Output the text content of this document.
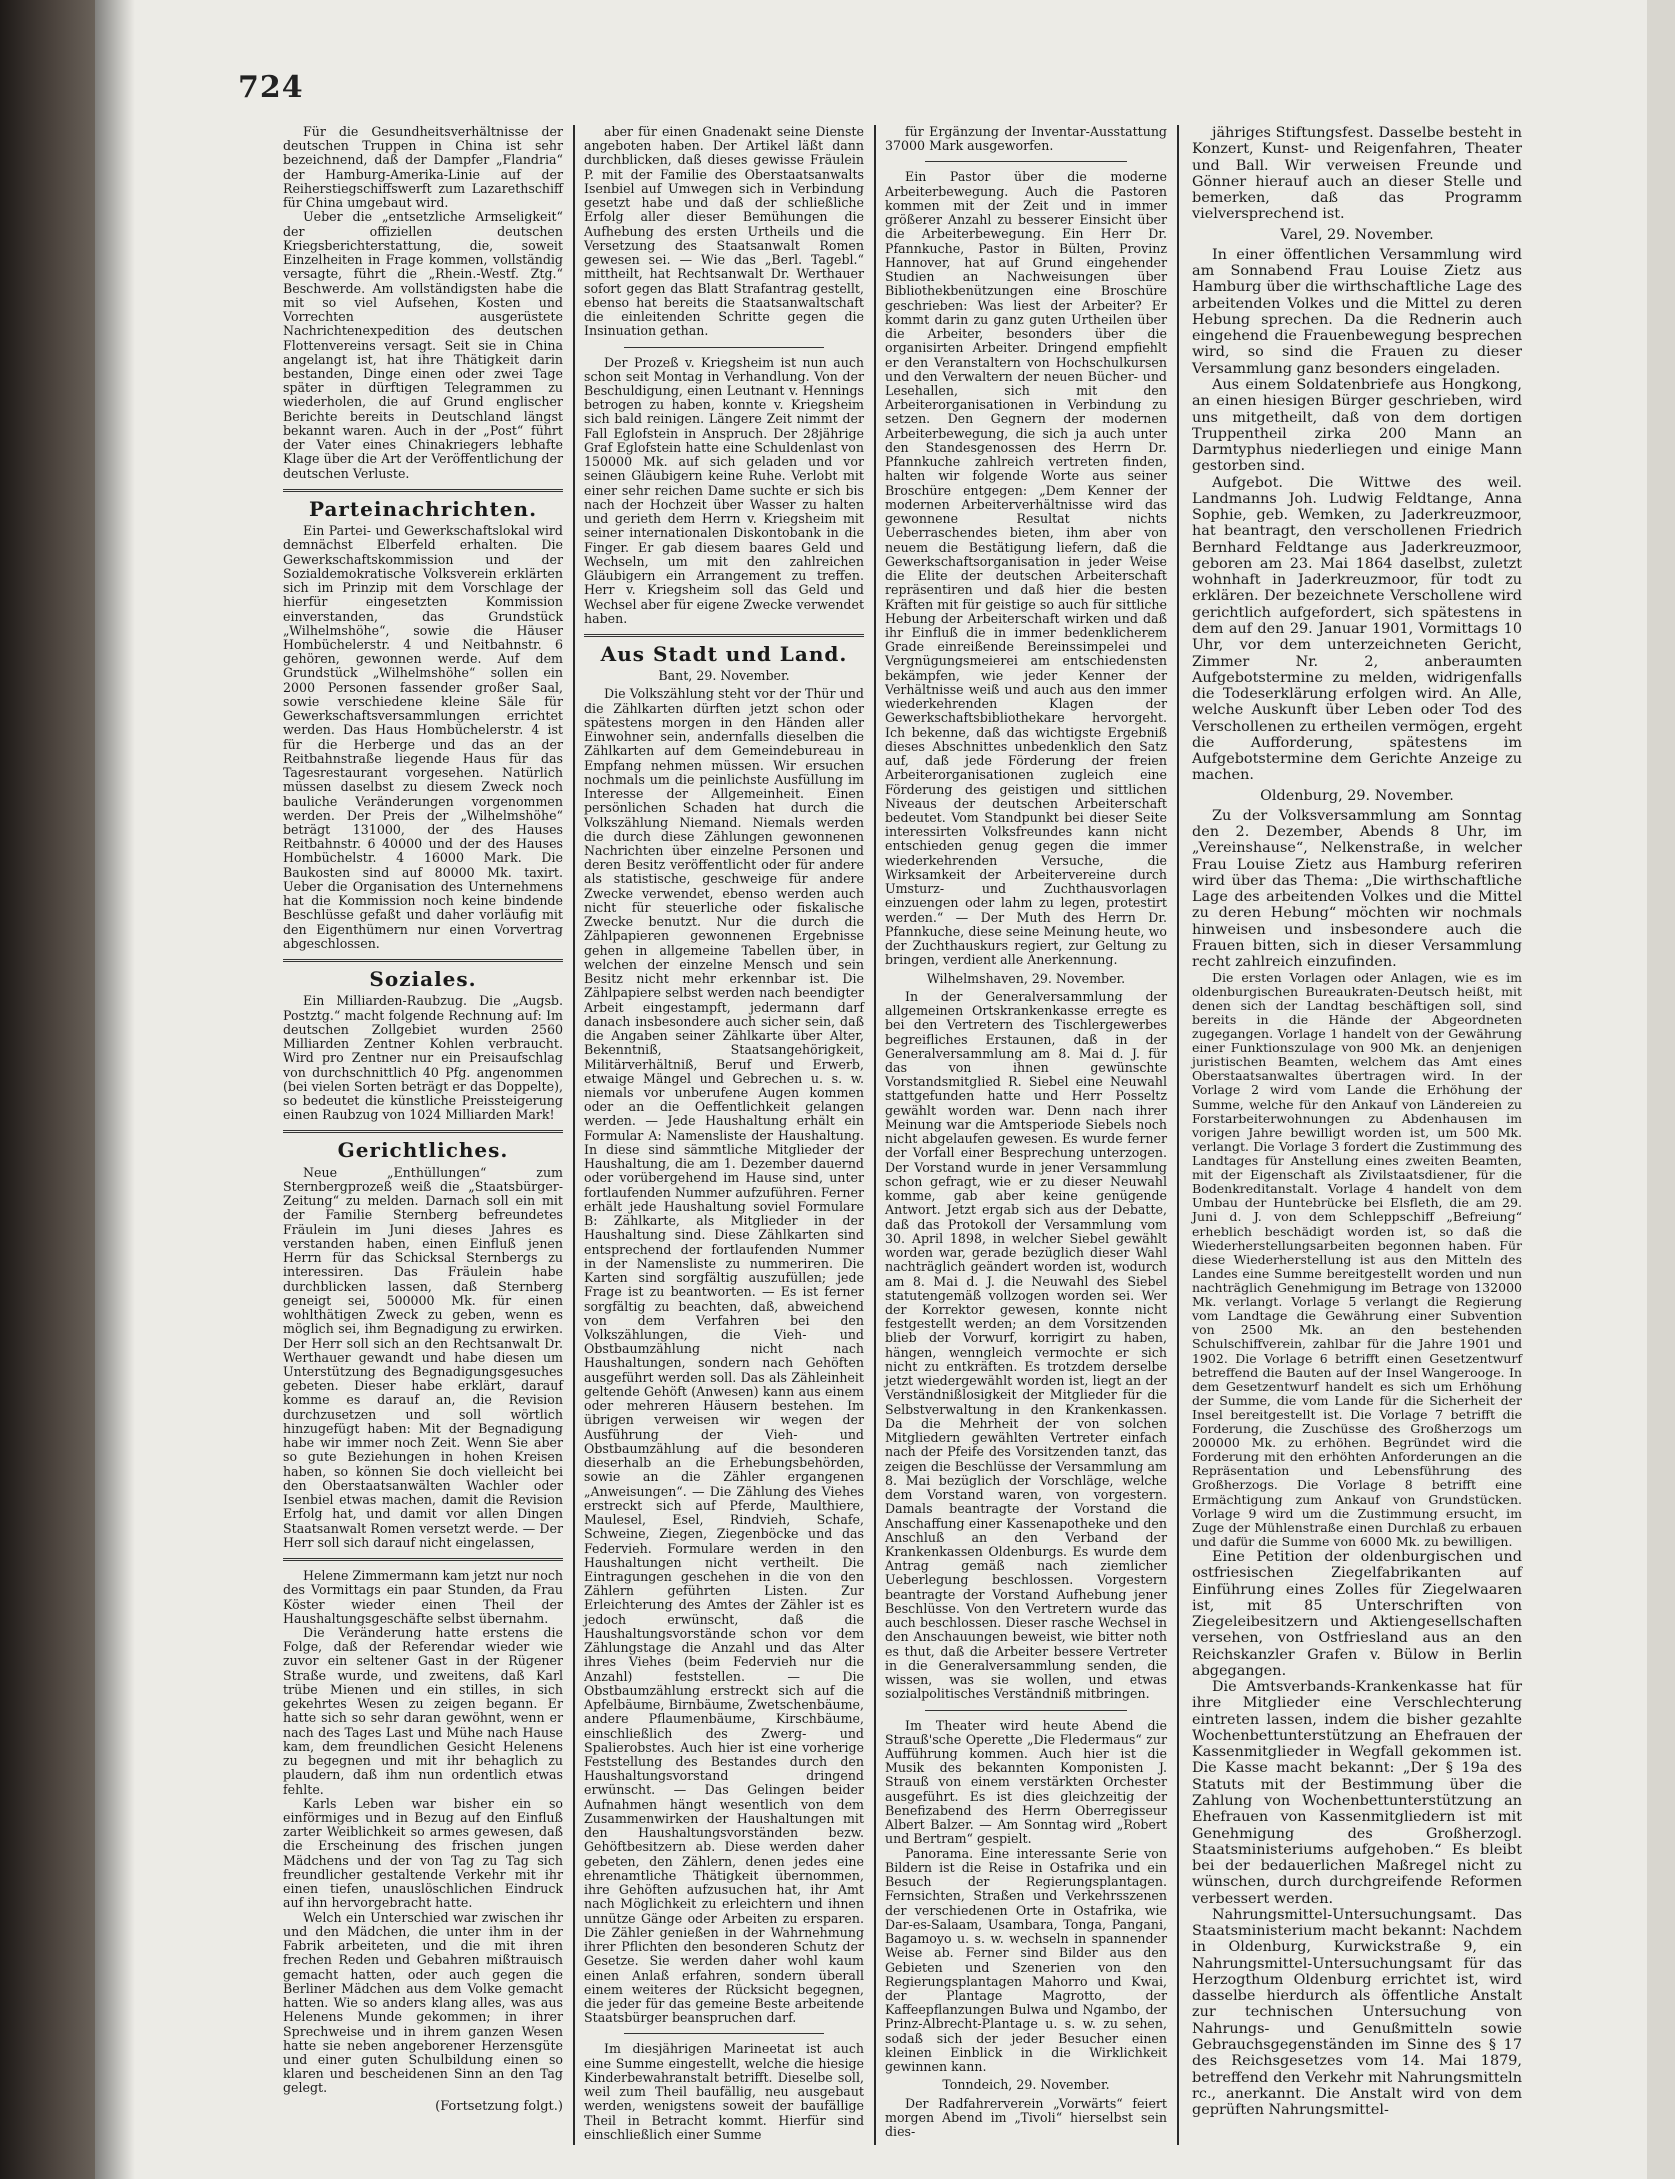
724

Für die Gesundheitsverhältnisse der deutschen Truppen in China ist sehr bezeichnend, daß der Dampfer „Flandria“ der Hamburg-Amerika-Linie auf der Reiherstiegschiffswerft zum Lazarethschiff für China umgebaut wird.

Ueber die „entsetzliche Armseligkeit“ der offiziellen deutschen Kriegsberichterstattung, die, soweit Einzelheiten in Frage kommen, vollständig versagte, führt die „Rhein.-Westf. Ztg.“ Beschwerde. Am vollständigsten habe die mit so viel Aufsehen, Kosten und Vorrechten ausgerüstete Nachrichtenexpedition des deutschen Flottenvereins versagt. Seit sie in China angelangt ist, hat ihre Thätigkeit darin bestanden, Dinge einen oder zwei Tage später in dürftigen Telegrammen zu wiederholen, die auf Grund englischer Berichte bereits in Deutschland längst bekannt waren. Auch in der „Post“ führt der Vater eines Chinakriegers lebhafte Klage über die Art der Veröffentlichung der deutschen Verluste.

Parteinachrichten.

Ein Partei- und Gewerkschaftslokal wird demnächst Elberfeld erhalten. Die Gewerkschaftskommission und der Sozialdemokratische Volksverein erklärten sich im Prinzip mit dem Vorschlage der hierfür eingesetzten Kommission einverstanden, das Grundstück „Wilhelmshöhe“, sowie die Häuser Hombüchelerstr. 4 und Neitbahnstr. 6 gehören, gewonnen werde. Auf dem Grundstück „Wilhelmshöhe“ sollen ein 2000 Personen fassender großer Saal, sowie verschiedene kleine Säle für Gewerkschaftsversammlungen errichtet werden. Das Haus Hombüchelerstr. 4 ist für die Herberge und das an der Reitbahnstraße liegende Haus für das Tagesrestaurant vorgesehen. Natürlich müssen daselbst zu diesem Zweck noch bauliche Veränderungen vorgenommen werden. Der Preis der „Wilhelmshöhe“ beträgt 131000, der des Hauses Reitbahnstr. 6 40000 und der des Hauses Hombüchelstr. 4 16000 Mark. Die Baukosten sind auf 80000 Mk. taxirt. Ueber die Organisation des Unternehmens hat die Kommission noch keine bindende Beschlüsse gefaßt und daher vorläufig mit den Eigenthümern nur einen Vorvertrag abgeschlossen.

Soziales.

Ein Milliarden-Raubzug. Die „Augsb. Postztg.“ macht folgende Rechnung auf: Im deutschen Zollgebiet wurden 2560 Milliarden Zentner Kohlen verbraucht. Wird pro Zentner nur ein Preisaufschlag von durchschnittlich 40 Pfg. angenommen (bei vielen Sorten beträgt er das Doppelte), so bedeutet die künstliche Preissteigerung einen Raubzug von 1024 Milliarden Mark!

Gerichtliches.

Neue „Enthüllungen“ zum Sternbergprozeß weiß die „Staatsbürger-Zeitung“ zu melden. Darnach soll ein mit der Familie Sternberg befreundetes Fräulein im Juni dieses Jahres es verstanden haben, einen Einfluß jenen Herrn für das Schicksal Sternbergs zu interessiren. Das Fräulein habe durchblicken lassen, daß Sternberg geneigt sei, 500000 Mk. für einen wohlthätigen Zweck zu geben, wenn es möglich sei, ihm Begnadigung zu erwirken. Der Herr soll sich an den Rechtsanwalt Dr. Werthauer gewandt und habe diesen um Unterstützung des Begnadigungsgesuches gebeten. Dieser habe erklärt, darauf komme es darauf an, die Revision durchzusetzen und soll wörtlich hinzugefügt haben: Mit der Begnadigung habe wir immer noch Zeit. Wenn Sie aber so gute Beziehungen in hohen Kreisen haben, so können Sie doch vielleicht bei den Oberstaatsanwälten Wachler oder Isenbiel etwas machen, damit die Revision Erfolg hat, und damit vor allen Dingen Staatsanwalt Romen versetzt werde. — Der Herr soll sich darauf nicht eingelassen,

Helene Zimmermann kam jetzt nur noch des Vormittags ein paar Stunden, da Frau Köster wieder einen Theil der Haushaltungsgeschäfte selbst übernahm.

Die Veränderung hatte erstens die Folge, daß der Referendar wieder wie zuvor ein seltener Gast in der Rügener Straße wurde, und zweitens, daß Karl trübe Mienen und ein stilles, in sich gekehrtes Wesen zu zeigen begann. Er hatte sich so sehr daran gewöhnt, wenn er nach des Tages Last und Mühe nach Hause kam, dem freundlichen Gesicht Helenens zu begegnen und mit ihr behaglich zu plaudern, daß ihm nun ordentlich etwas fehlte.

Karls Leben war bisher ein so einförmiges und in Bezug auf den Einfluß zarter Weiblichkeit so armes gewesen, daß die Erscheinung des frischen jungen Mädchens und der von Tag zu Tag sich freundlicher gestaltende Verkehr mit ihr einen tiefen, unauslöschlichen Eindruck auf ihn hervorgebracht hatte.

Welch ein Unterschied war zwischen ihr und den Mädchen, die unter ihm in der Fabrik arbeiteten, und die mit ihren frechen Reden und Gebahren mißtrauisch gemacht hatten, oder auch gegen die Berliner Mädchen aus dem Volke gemacht hatten. Wie so anders klang alles, was aus Helenens Munde gekommen; in ihrer Sprechweise und in ihrem ganzen Wesen hatte sie neben angeborener Herzensgüte und einer guten Schulbildung einen so klaren und bescheidenen Sinn an den Tag gelegt.

(Fortsetzung folgt.)

aber für einen Gnadenakt seine Dienste angeboten haben. Der Artikel läßt dann durchblicken, daß dieses gewisse Fräulein P. mit der Familie des Oberstaatsanwalts Isenbiel auf Umwegen sich in Verbindung gesetzt habe und daß der schließliche Erfolg aller dieser Bemühungen die Aufhebung des ersten Urtheils und die Versetzung des Staatsanwalt Romen gewesen sei. — Wie das „Berl. Tagebl.“ mittheilt, hat Rechtsanwalt Dr. Werthauer sofort gegen das Blatt Strafantrag gestellt, ebenso hat bereits die Staatsanwaltschaft die einleitenden Schritte gegen die Insinuation gethan.

Der Prozeß v. Kriegsheim ist nun auch schon seit Montag in Verhandlung. Von der Beschuldigung, einen Leutnant v. Hennings betrogen zu haben, konnte v. Kriegsheim sich bald reinigen. Längere Zeit nimmt der Fall Eglofstein in Anspruch. Der 28jährige Graf Eglofstein hatte eine Schuldenlast von 150000 Mk. auf sich geladen und vor seinen Gläubigern keine Ruhe. Verlobt mit einer sehr reichen Dame suchte er sich bis nach der Hochzeit über Wasser zu halten und gerieth dem Herrn v. Kriegsheim mit seiner internationalen Diskontobank in die Finger. Er gab diesem baares Geld und Wechseln, um mit den zahlreichen Gläubigern ein Arrangement zu treffen. Herr v. Kriegsheim soll das Geld und Wechsel aber für eigene Zwecke verwendet haben.

Aus Stadt und Land.

Bant, 29. November.

Die Volkszählung steht vor der Thür und die Zählkarten dürften jetzt schon oder spätestens morgen in den Händen aller Einwohner sein, andernfalls dieselben die Zählkarten auf dem Gemeindebureau in Empfang nehmen müssen. Wir ersuchen nochmals um die peinlichste Ausfüllung im Interesse der Allgemeinheit. Einen persönlichen Schaden hat durch die Volkszählung Niemand. Niemals werden die durch diese Zählungen gewonnenen Nachrichten über einzelne Personen und deren Besitz veröffentlicht oder für andere als statistische, geschweige für andere Zwecke verwendet, ebenso werden auch nicht für steuerliche oder fiskalische Zwecke benutzt. Nur die durch die Zählpapieren gewonnenen Ergebnisse gehen in allgemeine Tabellen über, in welchen der einzelne Mensch und sein Besitz nicht mehr erkennbar ist. Die Zählpapiere selbst werden nach beendigter Arbeit eingestampft, jedermann darf danach insbesondere auch sicher sein, daß die Angaben seiner Zählkarte über Alter, Bekenntniß, Staatsangehörigkeit, Militärverhältniß, Beruf und Erwerb, etwaige Mängel und Gebrechen u. s. w. niemals vor unberufene Augen kommen oder an die Oeffentlichkeit gelangen werden. — Jede Haushaltung erhält ein Formular A: Namensliste der Haushaltung. In diese sind sämmtliche Mitglieder der Haushaltung, die am 1. Dezember dauernd oder vorübergehend im Hause sind, unter fortlaufenden Nummer aufzuführen. Ferner erhält jede Haushaltung soviel Formulare B: Zählkarte, als Mitglieder in der Haushaltung sind. Diese Zählkarten sind entsprechend der fortlaufenden Nummer in der Namensliste zu nummeriren. Die Karten sind sorgfältig auszufüllen; jede Frage ist zu beantworten. — Es ist ferner sorgfältig zu beachten, daß, abweichend von dem Verfahren bei den Volkszählungen, die Vieh- und Obstbaumzählung nicht nach Haushaltungen, sondern nach Gehöften ausgeführt werden soll. Das als Zähleinheit geltende Gehöft (Anwesen) kann aus einem oder mehreren Häusern bestehen. Im übrigen verweisen wir wegen der Ausführung der Vieh- und Obstbaumzählung auf die besonderen dieserhalb an die Erhebungsbehörden, sowie an die Zähler ergangenen „Anweisungen“. — Die Zählung des Viehes erstreckt sich auf Pferde, Maulthiere, Maulesel, Esel, Rindvieh, Schafe, Schweine, Ziegen, Ziegenböcke und das Federvieh. Formulare werden in den Haushaltungen nicht vertheilt. Die Eintragungen geschehen in die von den Zählern geführten Listen. Zur Erleichterung des Amtes der Zähler ist es jedoch erwünscht, daß die Haushaltungsvorstände schon vor dem Zählungstage die Anzahl und das Alter ihres Viehes (beim Federvieh nur die Anzahl) feststellen. — Die Obstbaumzählung erstreckt sich auf die Apfelbäume, Birnbäume, Zwetschenbäume, andere Pflaumenbäume, Kirschbäume, einschließlich des Zwerg- und Spalierobstes. Auch hier ist eine vorherige Feststellung des Bestandes durch den Haushaltungsvorstand dringend erwünscht. — Das Gelingen beider Aufnahmen hängt wesentlich von dem Zusammenwirken der Haushaltungen mit den Haushaltungsvorständen bezw. Gehöftbesitzern ab. Diese werden daher gebeten, den Zählern, denen jedes eine ehrenamtliche Thätigkeit übernommen, ihre Gehöften aufzusuchen hat, ihr Amt nach Möglichkeit zu erleichtern und ihnen unnütze Gänge oder Arbeiten zu ersparen. Die Zähler genießen in der Wahrnehmung ihrer Pflichten den besonderen Schutz der Gesetze. Sie werden daher wohl kaum einen Anlaß erfahren, sondern überall einem weiteres der Rücksicht begegnen, die jeder für das gemeine Beste arbeitende Staatsbürger beanspruchen darf.

Im diesjährigen Marineetat ist auch eine Summe eingestellt, welche die hiesige Kinderbewahranstalt betrifft. Dieselbe soll, weil zum Theil baufällig, neu ausgebaut werden, wenigstens soweit der baufällige Theil in Betracht kommt. Hierfür sind einschließlich einer Summe

für Ergänzung der Inventar-Ausstattung 37000 Mark ausgeworfen.

Ein Pastor über die moderne Arbeiterbewegung. Auch die Pastoren kommen mit der Zeit und in immer größerer Anzahl zu besserer Einsicht über die Arbeiterbewegung. Ein Herr Dr. Pfannkuche, Pastor in Bülten, Provinz Hannover, hat auf Grund eingehender Studien an Nachweisungen über Bibliothekbenützungen eine Broschüre geschrieben: Was liest der Arbeiter? Er kommt darin zu ganz guten Urtheilen über die Arbeiter, besonders über die organisirten Arbeiter. Dringend empfiehlt er den Veranstaltern von Hochschulkursen und den Verwaltern der neuen Bücher- und Lesehallen, sich mit den Arbeiterorganisationen in Verbindung zu setzen. Den Gegnern der modernen Arbeiterbewegung, die sich ja auch unter den Standesgenossen des Herrn Dr. Pfannkuche zahlreich vertreten finden, halten wir folgende Worte aus seiner Broschüre entgegen: „Dem Kenner der modernen Arbeiterverhältnisse wird das gewonnene Resultat nichts Ueberraschendes bieten, ihm aber von neuem die Bestätigung liefern, daß die Gewerkschaftsorganisation in jeder Weise die Elite der deutschen Arbeiterschaft repräsentiren und daß hier die besten Kräften mit für geistige so auch für sittliche Hebung der Arbeiterschaft wirken und daß ihr Einfluß die in immer bedenklicherem Grade einreißende Bereinssimpelei und Vergnügungsmeierei am entschiedensten bekämpfen, wie jeder Kenner der Verhältnisse weiß und auch aus den immer wiederkehrenden Klagen der Gewerkschaftsbibliothekare hervorgeht. Ich bekenne, daß das wichtigste Ergebniß dieses Abschnittes unbedenklich den Satz auf, daß jede Förderung der freien Arbeiterorganisationen zugleich eine Förderung des geistigen und sittlichen Niveaus der deutschen Arbeiterschaft bedeutet. Vom Standpunkt bei dieser Seite interessirten Volksfreundes kann nicht entschieden genug gegen die immer wiederkehrenden Versuche, die Wirksamkeit der Arbeitervereine durch Umsturz- und Zuchthausvorlagen einzuengen oder lahm zu legen, protestirt werden.“ — Der Muth des Herrn Dr. Pfannkuche, diese seine Meinung heute, wo der Zuchthauskurs regiert, zur Geltung zu bringen, verdient alle Anerkennung.

Wilhelmshaven, 29. November.

In der Generalversammlung der allgemeinen Ortskrankenkasse erregte es bei den Vertretern des Tischlergewerbes begreifliches Erstaunen, daß in der Generalversammlung am 8. Mai d. J. für das von ihnen gewünschte Vorstandsmitglied R. Siebel eine Neuwahl stattgefunden hatte und Herr Posseltz gewählt worden war. Denn nach ihrer Meinung war die Amtsperiode Siebels noch nicht abgelaufen gewesen. Es wurde ferner der Vorfall einer Besprechung unterzogen. Der Vorstand wurde in jener Versammlung schon gefragt, wie er zu dieser Neuwahl komme, gab aber keine genügende Antwort. Jetzt ergab sich aus der Debatte, daß das Protokoll der Versammlung vom 30. April 1898, in welcher Siebel gewählt worden war, gerade bezüglich dieser Wahl nachträglich geändert worden ist, wodurch am 8. Mai d. J. die Neuwahl des Siebel statutengemäß vollzogen worden sei. Wer der Korrektor gewesen, konnte nicht festgestellt werden; an dem Vorsitzenden blieb der Vorwurf, korrigirt zu haben, hängen, wenngleich vermochte er sich nicht zu entkräften. Es trotzdem derselbe jetzt wiedergewählt worden ist, liegt an der Verständnißlosigkeit der Mitglieder für die Selbstverwaltung in den Krankenkassen. Da die Mehrheit der von solchen Mitgliedern gewählten Vertreter einfach nach der Pfeife des Vorsitzenden tanzt, das zeigen die Beschlüsse der Versammlung am 8. Mai bezüglich der Vorschläge, welche dem Vorstand waren, von vorgestern. Damals beantragte der Vorstand die Anschaffung einer Kassenapotheke und den Anschluß an den Verband der Krankenkassen Oldenburgs. Es wurde dem Antrag gemäß nach ziemlicher Ueberlegung beschlossen. Vorgestern beantragte der Vorstand Aufhebung jener Beschlüsse. Von den Vertretern wurde das auch beschlossen. Dieser rasche Wechsel in den Anschauungen beweist, wie bitter noth es thut, daß die Arbeiter bessere Vertreter in die Generalversammlung senden, die wissen, was sie wollen, und etwas sozialpolitisches Verständniß mitbringen.

Im Theater wird heute Abend die Strauß'sche Operette „Die Fledermaus“ zur Aufführung kommen. Auch hier ist die Musik des bekannten Komponisten J. Strauß von einem verstärkten Orchester ausgeführt. Es ist dies gleichzeitig der Benefizabend des Herrn Oberregisseur Albert Balzer. — Am Sonntag wird „Robert und Bertram“ gespielt.

Panorama. Eine interessante Serie von Bildern ist die Reise in Ostafrika und ein Besuch der Regierungsplantagen. Fernsichten, Straßen und Verkehrsszenen der verschiedenen Orte in Ostafrika, wie Dar-es-Salaam, Usambara, Tonga, Pangani, Bagamoyo u. s. w. wechseln in spannender Weise ab. Ferner sind Bilder aus den Gebieten und Szenerien von den Regierungsplantagen Mahorro und Kwai, der Plantage Magrotto, der Kaffeepflanzungen Bulwa und Ngambo, der Prinz-Albrecht-Plantage u. s. w. zu sehen, sodaß sich der jeder Besucher einen kleinen Einblick in die Wirklichkeit gewinnen kann.

Tonndeich, 29. November.

Der Radfahrerverein „Vorwärts“ feiert morgen Abend im „Tivoli“ hierselbst sein dies-

jähriges Stiftungsfest. Dasselbe besteht in Konzert, Kunst- und Reigenfahren, Theater und Ball. Wir verweisen Freunde und Gönner hierauf auch an dieser Stelle und bemerken, daß das Programm vielversprechend ist.

Varel, 29. November.

In einer öffentlichen Versammlung wird am Sonnabend Frau Louise Zietz aus Hamburg über die wirthschaftliche Lage des arbeitenden Volkes und die Mittel zu deren Hebung sprechen. Da die Rednerin auch eingehend die Frauenbewegung besprechen wird, so sind die Frauen zu dieser Versammlung ganz besonders eingeladen.

Aus einem Soldatenbriefe aus Hongkong, an einen hiesigen Bürger geschrieben, wird uns mitgetheilt, daß von dem dortigen Truppentheil zirka 200 Mann an Darmtyphus niederliegen und einige Mann gestorben sind.

Aufgebot. Die Wittwe des weil. Landmanns Joh. Ludwig Feldtange, Anna Sophie, geb. Wemken, zu Jaderkreuzmoor, hat beantragt, den verschollenen Friedrich Bernhard Feldtange aus Jaderkreuzmoor, geboren am 23. Mai 1864 daselbst, zuletzt wohnhaft in Jaderkreuzmoor, für todt zu erklären. Der bezeichnete Verschollene wird gerichtlich aufgefordert, sich spätestens in dem auf den 29. Januar 1901, Vormittags 10 Uhr, vor dem unterzeichneten Gericht, Zimmer Nr. 2, anberaumten Aufgebotstermine zu melden, widrigenfalls die Todeserklärung erfolgen wird. An Alle, welche Auskunft über Leben oder Tod des Verschollenen zu ertheilen vermögen, ergeht die Aufforderung, spätestens im Aufgebotstermine dem Gerichte Anzeige zu machen.

Oldenburg, 29. November.

Zu der Volksversammlung am Sonntag den 2. Dezember, Abends 8 Uhr, im „Vereinshause“, Nelkenstraße, in welcher Frau Louise Zietz aus Hamburg referiren wird über das Thema: „Die wirthschaftliche Lage des arbeitenden Volkes und die Mittel zu deren Hebung“ möchten wir nochmals hinweisen und insbesondere auch die Frauen bitten, sich in dieser Versammlung recht zahlreich einzufinden.

Die ersten Vorlagen oder Anlagen, wie es im oldenburgischen Bureaukraten-Deutsch heißt, mit denen sich der Landtag beschäftigen soll, sind bereits in die Hände der Abgeordneten zugegangen. Vorlage 1 handelt von der Gewährung einer Funktionszulage von 900 Mk. an denjenigen juristischen Beamten, welchem das Amt eines Oberstaatsanwaltes übertragen wird. In der Vorlage 2 wird vom Lande die Erhöhung der Summe, welche für den Ankauf von Ländereien zu Forstarbeiterwohnungen zu Abdenhausen im vorigen Jahre bewilligt worden ist, um 500 Mk. verlangt. Die Vorlage 3 fordert die Zustimmung des Landtages für Anstellung eines zweiten Beamten, mit der Eigenschaft als Zivilstaatsdiener, für die Bodenkreditanstalt. Vorlage 4 handelt von dem Umbau der Huntebrücke bei Elsfleth, die am 29. Juni d. J. von dem Schleppschiff „Befreiung“ erheblich beschädigt worden ist, so daß die Wiederherstellungsarbeiten begonnen haben. Für diese Wiederherstellung ist aus den Mitteln des Landes eine Summe bereitgestellt worden und nun nachträglich Genehmigung im Betrage von 132000 Mk. verlangt. Vorlage 5 verlangt die Regierung vom Landtage die Gewährung einer Subvention von 2500 Mk. an den bestehenden Schulschiffverein, zahlbar für die Jahre 1901 und 1902. Die Vorlage 6 betrifft einen Gesetzentwurf betreffend die Bauten auf der Insel Wangerooge. In dem Gesetzentwurf handelt es sich um Erhöhung der Summe, die vom Lande für die Sicherheit der Insel bereitgestellt ist. Die Vorlage 7 betrifft die Forderung, die Zuschüsse des Großherzogs um 200000 Mk. zu erhöhen. Begründet wird die Forderung mit den erhöhten Anforderungen an die Repräsentation und Lebensführung des Großherzogs. Die Vorlage 8 betrifft eine Ermächtigung zum Ankauf von Grundstücken. Vorlage 9 wird um die Zustimmung ersucht, im Zuge der Mühlenstraße einen Durchlaß zu erbauen und dafür die Summe von 6000 Mk. zu bewilligen.

Eine Petition der oldenburgischen und ostfriesischen Ziegelfabrikanten auf Einführung eines Zolles für Ziegelwaaren ist, mit 85 Unterschriften von Ziegeleibesitzern und Aktiengesellschaften versehen, von Ostfriesland aus an den Reichskanzler Grafen v. Bülow in Berlin abgegangen.

Die Amtsverbands-Krankenkasse hat für ihre Mitglieder eine Verschlechterung eintreten lassen, indem die bisher gezahlte Wochenbettunterstützung an Ehefrauen der Kassenmitglieder in Wegfall gekommen ist. Die Kasse macht bekannt: „Der § 19a des Statuts mit der Bestimmung über die Zahlung von Wochenbettunterstützung an Ehefrauen von Kassenmitgliedern ist mit Genehmigung des Großherzogl. Staatsministeriums aufgehoben.“ Es bleibt bei der bedauerlichen Maßregel nicht zu wünschen, durch durchgreifende Reformen verbessert werden.

Nahrungsmittel-Untersuchungsamt. Das Staatsministerium macht bekannt: Nachdem in Oldenburg, Kurwickstraße 9, ein Nahrungsmittel-Untersuchungsamt für das Herzogthum Oldenburg errichtet ist, wird dasselbe hierdurch als öffentliche Anstalt zur technischen Untersuchung von Nahrungs- und Genußmitteln sowie Gebrauchsgegenständen im Sinne des § 17 des Reichsgesetzes vom 14. Mai 1879, betreffend den Verkehr mit Nahrungsmitteln rc., anerkannt. Die Anstalt wird von dem geprüften Nahrungsmittel-
